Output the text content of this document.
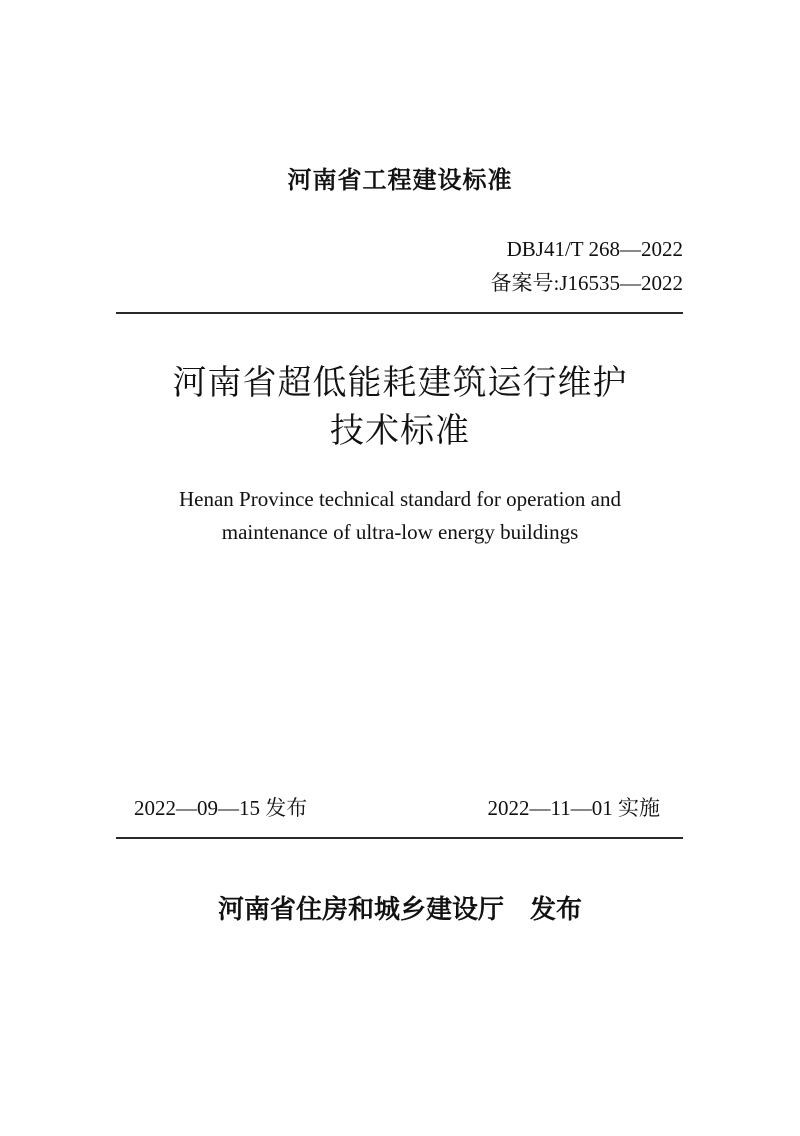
河南省工程建设标准
DBJ41/T 268—2022
备案号:J16535—2022
河南省超低能耗建筑运行维护
技术标准
Henan Province technical standard for operation and
maintenance of ultra-low energy buildings
2022—09—15 发布	2022—11—01 实施
河南省住房和城乡建设厅　发布
